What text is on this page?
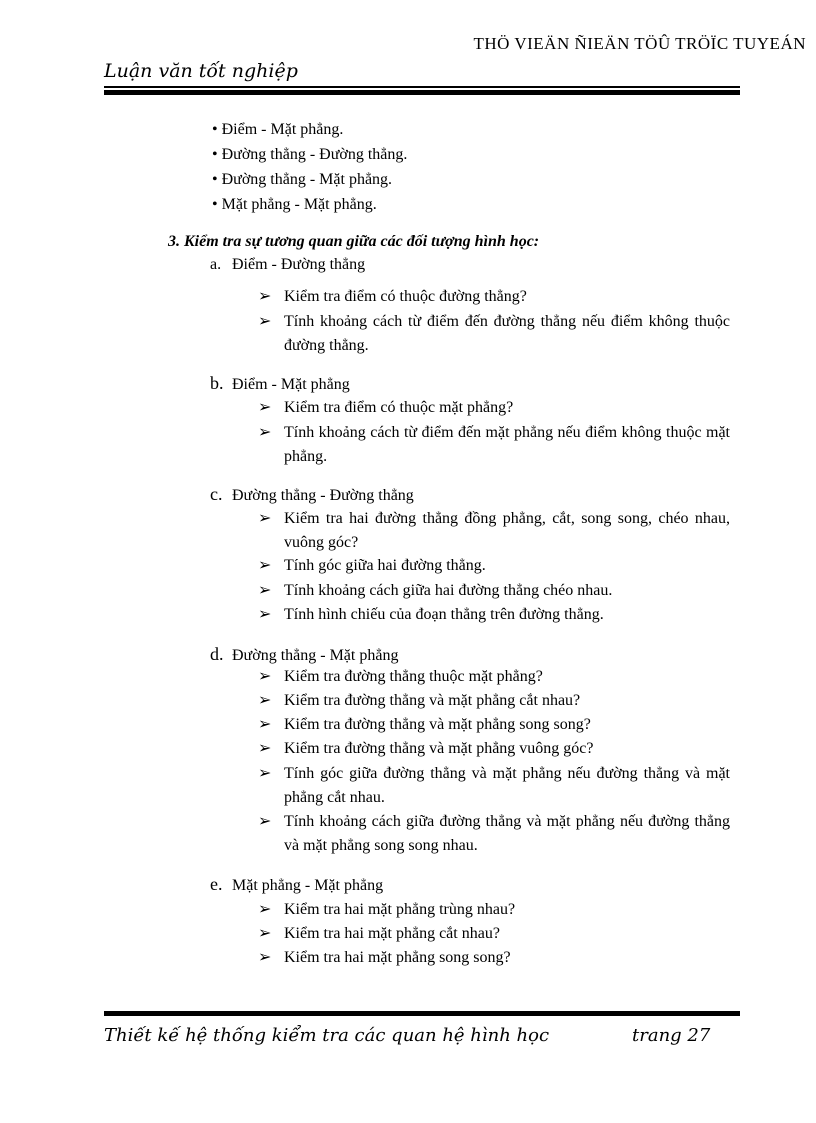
THÖ VIEÄN ÑIEÄN TÖÛ TRÖÏC TUYEÁN
Luận văn tốt nghiệp
• Điểm - Mặt phẳng.
• Đường thẳng - Đường thẳng.
• Đường thẳng - Mặt phẳng.
• Mặt phẳng - Mặt phẳng.
3. Kiểm tra sự tương quan giữa các đối tượng hình học:
a. Điểm - Đường thẳng
➢ Kiểm tra điểm có thuộc đường thẳng?
➢ Tính khoảng cách từ điểm đến đường thẳng nếu điểm không thuộc đường thẳng.
b. Điểm - Mặt phẳng
➢ Kiểm tra điểm có thuộc mặt phẳng?
➢ Tính khoảng cách từ điểm đến mặt phẳng nếu điểm không thuộc mặt phẳng.
c. Đường thẳng - Đường thẳng
➢ Kiểm tra hai đường thẳng đồng phẳng, cắt, song song, chéo nhau, vuông góc?
➢ Tính góc giữa hai đường thẳng.
➢ Tính khoảng cách giữa hai đường thẳng chéo nhau.
➢ Tính hình chiếu của đoạn thẳng trên đường thẳng.
d. Đường thẳng - Mặt phẳng
➢ Kiểm tra đường thẳng thuộc mặt phẳng?
➢ Kiểm tra đường thẳng và mặt phẳng cắt nhau?
➢ Kiểm tra đường thẳng và mặt phẳng song song?
➢ Kiểm tra đường thẳng và mặt phẳng vuông góc?
➢ Tính góc giữa đường thẳng và mặt phẳng nếu đường thẳng và mặt phẳng cắt nhau.
➢ Tính khoảng cách giữa đường thẳng và mặt phẳng nếu đường thẳng và mặt phẳng song song nhau.
e. Mặt phẳng - Mặt phẳng
➢ Kiểm tra hai mặt phẳng trùng nhau?
➢ Kiểm tra hai mặt phẳng cắt nhau?
➢ Kiểm tra hai mặt phẳng song song?
Thiết kế hệ thống kiểm tra các quan hệ hình học	trang 27
